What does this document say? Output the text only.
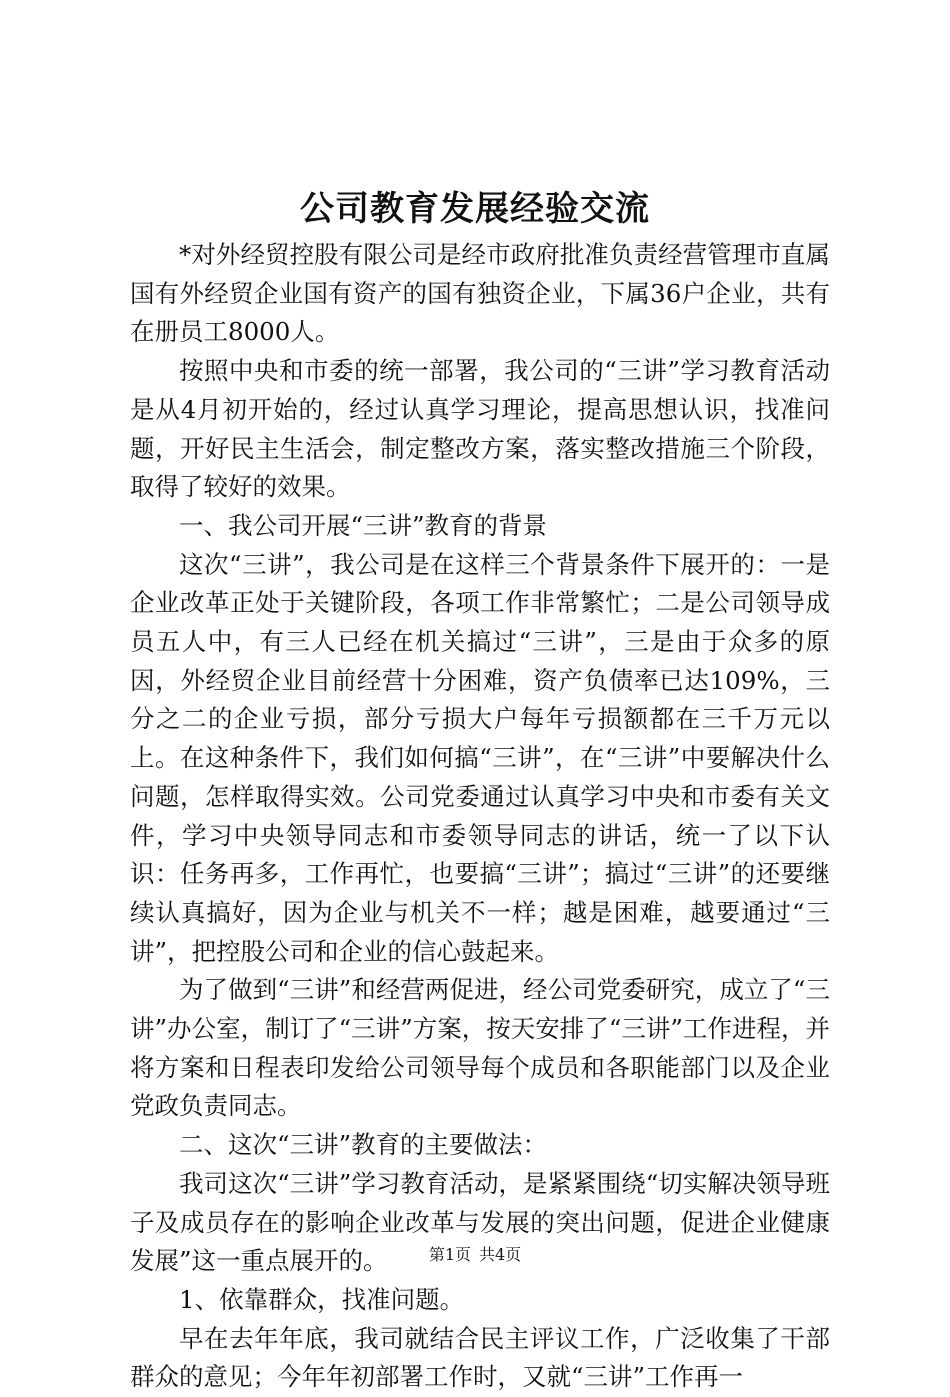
公司教育发展经验交流

*对外经贸控股有限公司是经市政府批准负责经营管理市直属国有外经贸企业国有资产的国有独资企业，下属36户企业，共有在册员工8000人。

按照中央和市委的统一部署，我公司的“三讲”学习教育活动是从4月初开始的，经过认真学习理论，提高思想认识，找准问题，开好民主生活会，制定整改方案，落实整改措施三个阶段，取得了较好的效果。

一、我公司开展“三讲”教育的背景

这次“三讲”，我公司是在这样三个背景条件下展开的：一是企业改革正处于关键阶段，各项工作非常繁忙；二是公司领导成员五人中，有三人已经在机关搞过“三讲”，三是由于众多的原因，外经贸企业目前经营十分困难，资产负债率已达109%，三分之二的企业亏损，部分亏损大户每年亏损额都在三千万元以上。在这种条件下，我们如何搞“三讲”，在“三讲”中要解决什么问题，怎样取得实效。公司党委通过认真学习中央和市委有关文件，学习中央领导同志和市委领导同志的讲话，统一了以下认识：任务再多，工作再忙，也要搞“三讲”；搞过“三讲”的还要继续认真搞好，因为企业与机关不一样；越是困难，越要通过“三讲”，把控股公司和企业的信心鼓起来。

为了做到“三讲”和经营两促进，经公司党委研究，成立了“三讲”办公室，制订了“三讲”方案，按天安排了“三讲”工作进程，并将方案和日程表印发给公司领导每个成员和各职能部门以及企业党政负责同志。

二、这次“三讲”教育的主要做法：

我司这次“三讲”学习教育活动，是紧紧围绕“切实解决领导班子及成员存在的影响企业改革与发展的突出问题，促进企业健康发展”这一重点展开的。

1、依靠群众，找准问题。

早在去年年底，我司就结合民主评议工作，广泛收集了干部群众的意见；今年年初部署工作时，又就“三讲”工作再一

第1页 共4页
